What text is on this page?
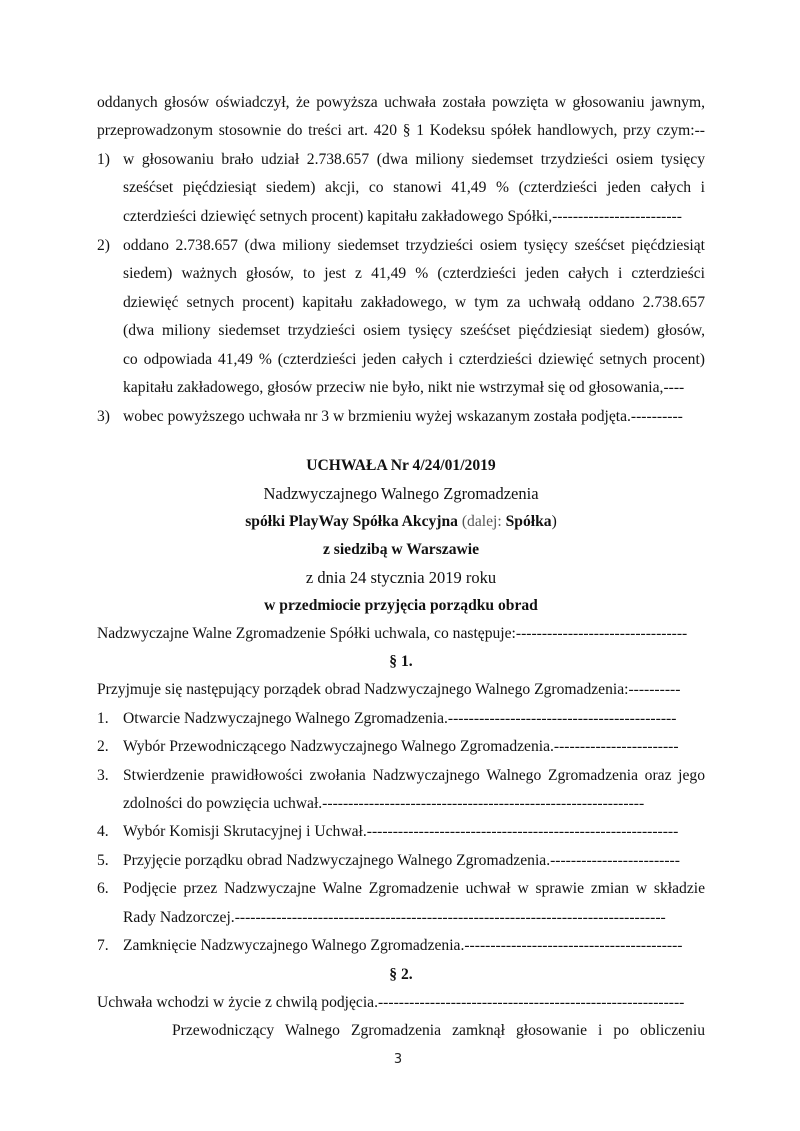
oddanych głosów oświadczył, że powyższa uchwała została powzięta w głosowaniu jawnym,
przeprowadzonym stosownie do treści art. 420 § 1 Kodeksu spółek handlowych, przy czym:--
1) w głosowaniu brało udział 2.738.657 (dwa miliony siedemset trzydzieści osiem tysięcy
sześćset pięćdziesiąt siedem) akcji, co stanowi 41,49 % (czterdzieści jeden całych i
czterdzieści dziewięć setnych procent) kapitału zakładowego Spółki,-------------------------
2) oddano 2.738.657 (dwa miliony siedemset trzydzieści osiem tysięcy sześćset pięćdziesiąt
siedem) ważnych głosów, to jest z 41,49 % (czterdzieści jeden całych i czterdzieści
dziewięć setnych procent) kapitału zakładowego, w tym za uchwałą oddano 2.738.657
(dwa miliony siedemset trzydzieści osiem tysięcy sześćset pięćdziesiąt siedem) głosów,
co odpowiada 41,49 % (czterdzieści jeden całych i czterdzieści dziewięć setnych procent)
kapitału zakładowego, głosów przeciw nie było, nikt nie wstrzymał się od głosowania,----
3) wobec powyższego uchwała nr 3 w brzmieniu wyżej wskazanym została podjęta.----------
UCHWAŁA Nr 4/24/01/2019
Nadzwyczajnego Walnego Zgromadzenia
spółki PlayWay Spółka Akcyjna (dalej: Spółka)
z siedzibą w Warszawie
z dnia 24 stycznia 2019 roku
w przedmiocie przyjęcia porządku obrad
Nadzwyczajne Walne Zgromadzenie Spółki uchwala, co następuje:---------------------------------
§ 1.
Przyjmuje się następujący porządek obrad Nadzwyczajnego Walnego Zgromadzenia:----------
1. Otwarcie Nadzwyczajnego Walnego Zgromadzenia.--------------------------------------------
2. Wybór Przewodniczącego Nadzwyczajnego Walnego Zgromadzenia.------------------------
3. Stwierdzenie prawidłowości zwołania Nadzwyczajnego Walnego Zgromadzenia oraz jego
zdolności do powzięcia uchwał.--------------------------------------------------------------
4. Wybór Komisji Skrutacyjnej i Uchwał.------------------------------------------------------------
5. Przyjęcie porządku obrad Nadzwyczajnego Walnego Zgromadzenia.-------------------------
6. Podjęcie przez Nadzwyczajne Walne Zgromadzenie uchwał w sprawie zmian w składzie
Rady Nadzorczej.-----------------------------------------------------------------------------------
7. Zamknięcie Nadzwyczajnego Walnego Zgromadzenia.------------------------------------------
§ 2.
Uchwała wchodzi w życie z chwilą podjęcia.-----------------------------------------------------------
Przewodniczący Walnego Zgromadzenia zamknął głosowanie i po obliczeniu
3
